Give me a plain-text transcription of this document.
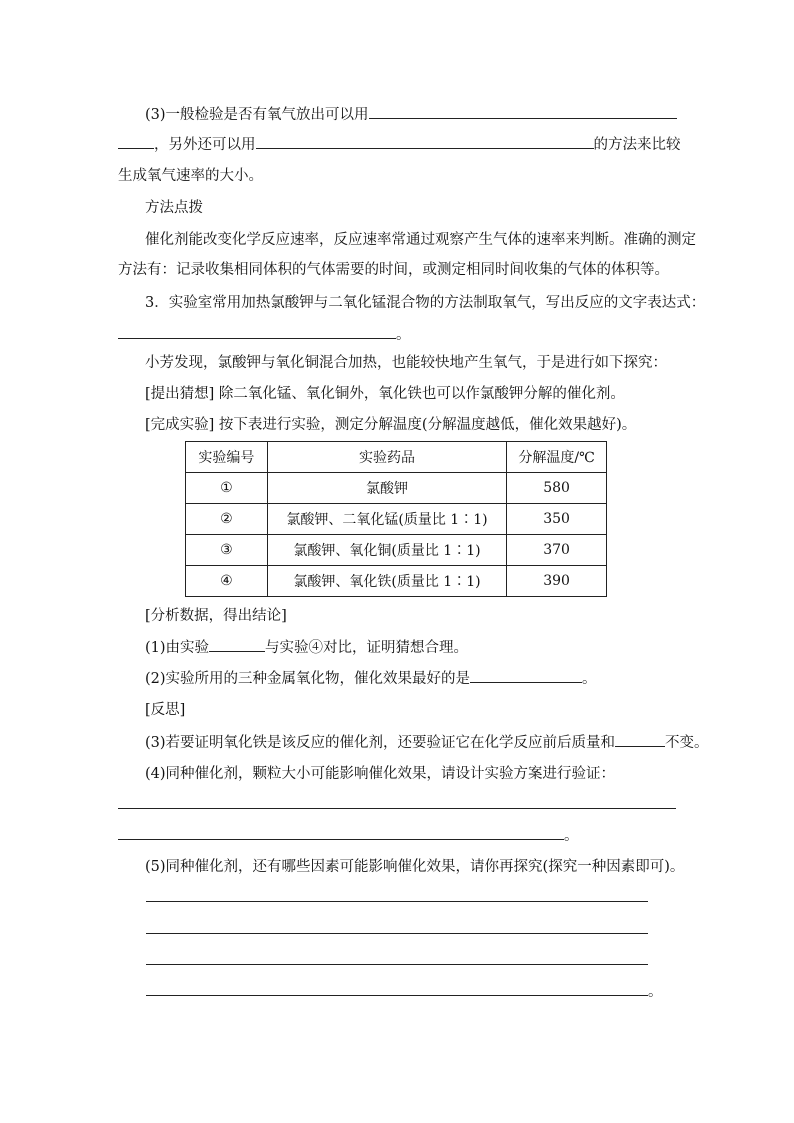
(3)一般检验是否有氧气放出可以用
，另外还可以用	的方法来比较
生成氧气速率的大小。
方法点拨
催化剂能改变化学反应速率，反应速率常通过观察产生气体的速率来判断。准确的测定
方法有：记录收集相同体积的气体需要的时间，或测定相同时间收集的气体的体积等。
3．实验室常用加热氯酸钾与二氧化锰混合物的方法制取氧气，写出反应的文字表达式：
。
小芳发现，氯酸钾与氧化铜混合加热，也能较快地产生氧气，于是进行如下探究：
[提出猜想] 除二氧化锰、氧化铜外，氧化铁也可以作氯酸钾分解的催化剂。
[完成实验] 按下表进行实验，测定分解温度(分解温度越低，催化效果越好)。
实验编号	实验药品	分解温度/℃
①	氯酸钾	580
②	氯酸钾、二氧化锰(质量比 1∶1)	350
③	氯酸钾、氧化铜(质量比 1∶1)	370
④	氯酸钾、氧化铁(质量比 1∶1)	390
[分析数据，得出结论]
(1)由实验	与实验④对比，证明猜想合理。
(2)实验所用的三种金属氧化物，催化效果最好的是	。
[反思]
(3)若要证明氧化铁是该反应的催化剂，还要验证它在化学反应前后质量和	不变。
(4)同种催化剂，颗粒大小可能影响催化效果，请设计实验方案进行验证：
。
(5)同种催化剂，还有哪些因素可能影响催化效果，请你再探究(探究一种因素即可)。
。
